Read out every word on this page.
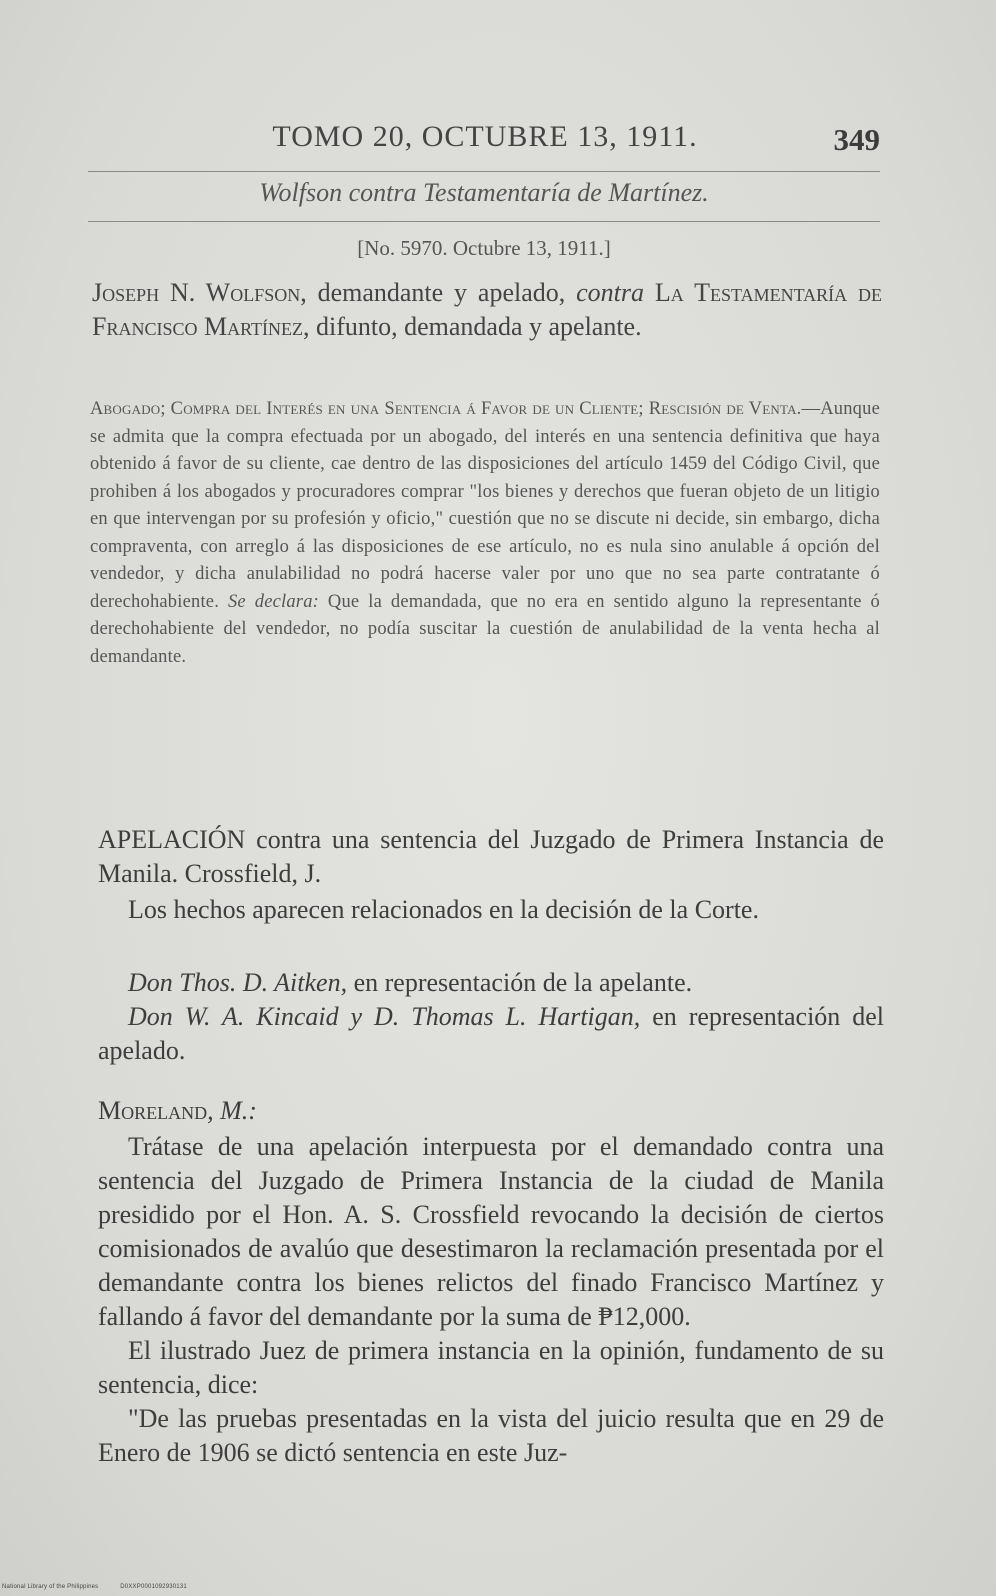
TOMO 20, OCTUBRE 13, 1911.	349
Wolfson contra Testamentaría de Martínez.
[No. 5970. Octubre 13, 1911.]
Joseph N. Wolfson, demandante y apelado, contra La Testamentaría de Francisco Martínez, difunto, demandada y apelante.
Abogado; Compra del Interés en una Sentencia á Favor de un Cliente; Rescisión de Venta.—Aunque se admita que la compra efectuada por un abogado, del interés en una sentencia definitiva que haya obtenido á favor de su cliente, cae dentro de las disposiciones del artículo 1459 del Código Civil, que prohiben á los abogados y procuradores comprar "los bienes y derechos que fueran objeto de un litigio en que intervengan por su profesión y oficio," cuestión que no se discute ni decide, sin embargo, dicha compraventa, con arreglo á las disposiciones de ese artículo, no es nula sino anulable á opción del vendedor, y dicha anulabilidad no podrá hacerse valer por uno que no sea parte contratante ó derechohabiente. Se declara: Que la demandada, que no era en sentido alguno la representante ó derechohabiente del vendedor, no podía suscitar la cuestión de anulabilidad de la venta hecha al demandante.
APELACIÓN contra una sentencia del Juzgado de Primera Instancia de Manila. Crossfield, J.
Los hechos aparecen relacionados en la decisión de la Corte.
Don Thos. D. Aitken, en representación de la apelante.
Don W. A. Kincaid y D. Thomas L. Hartigan, en representación del apelado.
Moreland, M.:
Trátase de una apelación interpuesta por el demandado contra una sentencia del Juzgado de Primera Instancia de la ciudad de Manila presidido por el Hon. A. S. Crossfield revocando la decisión de ciertos comisionados de avalúo que desestimaron la reclamación presentada por el demandante contra los bienes relictos del finado Francisco Martínez y fallando á favor del demandante por la suma de ₱12,000.
El ilustrado Juez de primera instancia en la opinión, fundamento de su sentencia, dice:
"De las pruebas presentadas en la vista del juicio resulta que en 29 de Enero de 1906 se dictó sentencia en este Juz-
National Library of the Philippines	D0XXP0001092930131
